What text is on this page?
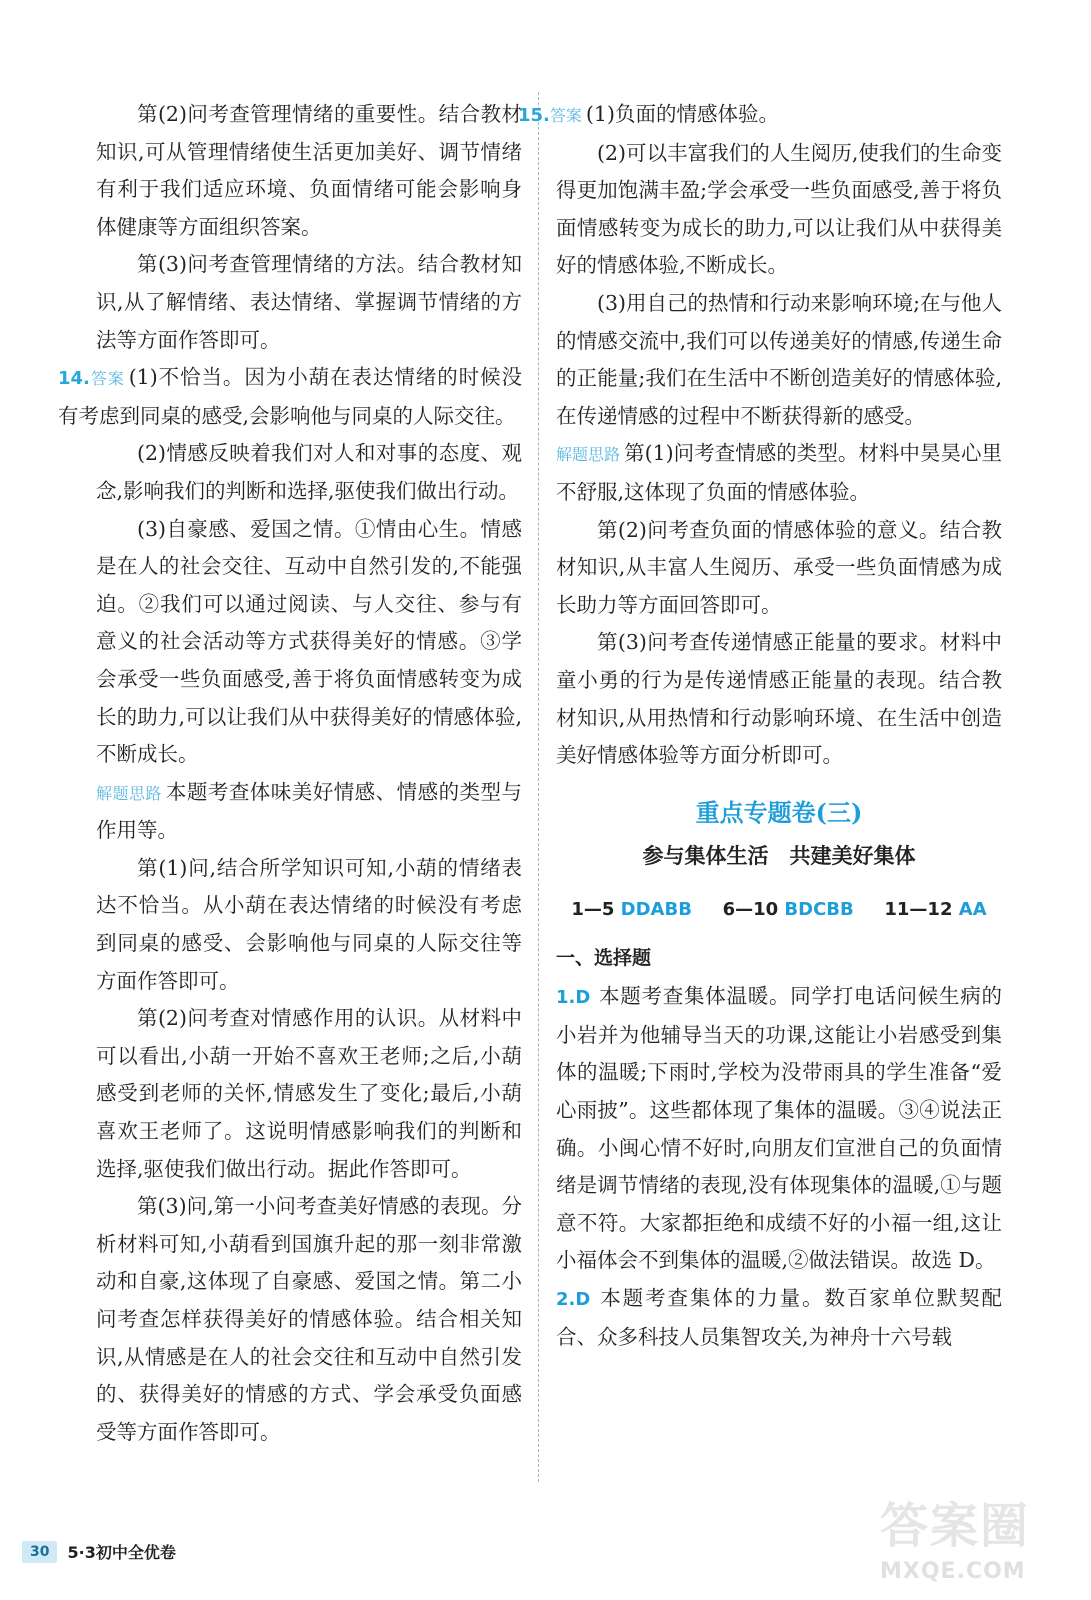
第(2)问考查管理情绪的重要性。结合教材知识,可从管理情绪使生活更加美好、调节情绪有利于我们适应环境、负面情绪可能会影响身体健康等方面组织答案。

第(3)问考查管理情绪的方法。结合教材知识,从了解情绪、表达情绪、掌握调节情绪的方法等方面作答即可。

14.答案 (1)不恰当。因为小葫在表达情绪的时候没有考虑到同桌的感受,会影响他与同桌的人际交往。

(2)情感反映着我们对人和对事的态度、观念,影响我们的判断和选择,驱使我们做出行动。

(3)自豪感、爱国之情。①情由心生。情感是在人的社会交往、互动中自然引发的,不能强迫。②我们可以通过阅读、与人交往、参与有意义的社会活动等方式获得美好的情感。③学会承受一些负面感受,善于将负面情感转变为成长的助力,可以让我们从中获得美好的情感体验,不断成长。

解题思路 本题考查体味美好情感、情感的类型与作用等。

第(1)问,结合所学知识可知,小葫的情绪表达不恰当。从小葫在表达情绪的时候没有考虑到同桌的感受、会影响他与同桌的人际交往等方面作答即可。

第(2)问考查对情感作用的认识。从材料中可以看出,小葫一开始不喜欢王老师;之后,小葫感受到老师的关怀,情感发生了变化;最后,小葫喜欢王老师了。这说明情感影响我们的判断和选择,驱使我们做出行动。据此作答即可。

第(3)问,第一小问考查美好情感的表现。分析材料可知,小葫看到国旗升起的那一刻非常激动和自豪,这体现了自豪感、爱国之情。第二小问考查怎样获得美好的情感体验。结合相关知识,从情感是在人的社会交往和互动中自然引发的、获得美好的情感的方式、学会承受负面感受等方面作答即可。

15.答案 (1)负面的情感体验。

(2)可以丰富我们的人生阅历,使我们的生命变得更加饱满丰盈;学会承受一些负面感受,善于将负面情感转变为成长的助力,可以让我们从中获得美好的情感体验,不断成长。

(3)用自己的热情和行动来影响环境;在与他人的情感交流中,我们可以传递美好的情感,传递生命的正能量;我们在生活中不断创造美好的情感体验,在传递情感的过程中不断获得新的感受。

解题思路 第(1)问考查情感的类型。材料中昊昊心里不舒服,这体现了负面的情感体验。

第(2)问考查负面的情感体验的意义。结合教材知识,从丰富人生阅历、承受一些负面情感为成长助力等方面回答即可。

第(3)问考查传递情感正能量的要求。材料中童小勇的行为是传递情感正能量的表现。结合教材知识,从用热情和行动影响环境、在生活中创造美好情感体验等方面分析即可。

重点专题卷(三)
参与集体生活　共建美好集体
1—5 DDABB 6—10 BDCBB 11—12 AA
一、选择题

1.D 本题考查集体温暖。同学打电话问候生病的小岩并为他辅导当天的功课,这能让小岩感受到集体的温暖;下雨时,学校为没带雨具的学生准备“爱心雨披”。这些都体现了集体的温暖。③④说法正确。小闽心情不好时,向朋友们宣泄自己的负面情绪是调节情绪的表现,没有体现集体的温暖,①与题意不符。大家都拒绝和成绩不好的小福一组,这让小福体会不到集体的温暖,②做法错误。故选 D。

2.D 本题考查集体的力量。数百家单位默契配合、众多科技人员集智攻关,为神舟十六号载

30	5·3初中全优卷	答案圈
MXQE.COM
